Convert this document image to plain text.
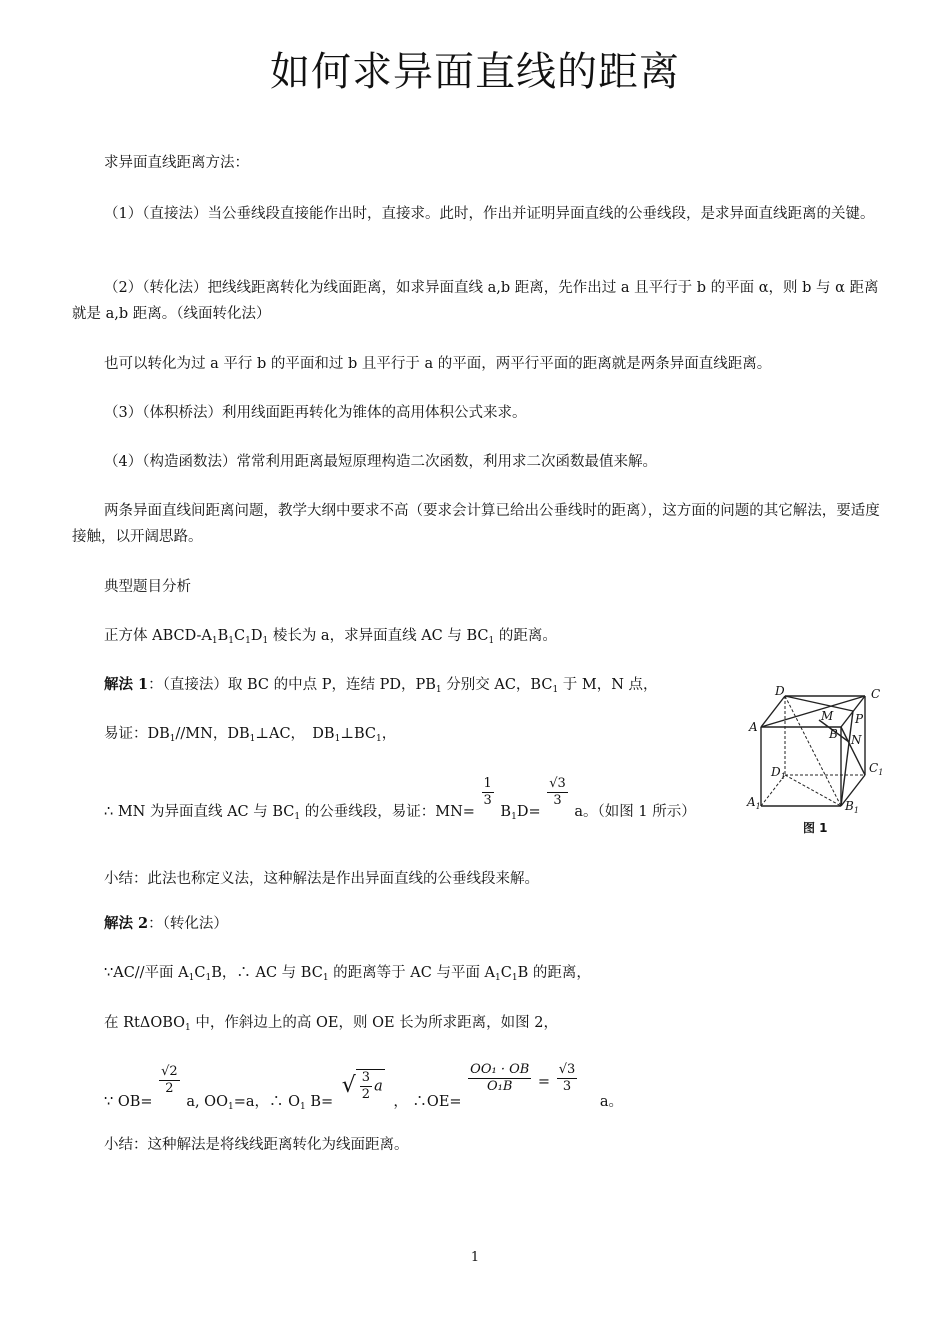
如何求异面直线的距离
求异面直线距离方法：
（1）（直接法）当公垂线段直接能作出时，直接求。此时，作出并证明异面直线的公垂线段，是求异面直线距离的关键。
（2）（转化法）把线线距离转化为线面距离，如求异面直线 a,b 距离，先作出过 a 且平行于 b 的平面 α，则 b 与 α 距离就是 a,b 距离。（线面转化法）
也可以转化为过 a 平行 b 的平面和过 b 且平行于 a 的平面，两平行平面的距离就是两条异面直线距离。
（3）（体积桥法）利用线面距再转化为锥体的高用体积公式来求。
（4）（构造函数法）常常利用距离最短原理构造二次函数，利用求二次函数最值来解。
两条异面直线间距离问题，教学大纲中要求不高（要求会计算已给出公垂线时的距离），这方面的问题的其它解法，要适度接触，以开阔思路。
典型题目分析
正方体 ABCD-$A_1B_1C_1D_1$ 棱长为 a，求异面直线 AC 与 $BC_1$ 的距离。
解法 1：（直接法）取 BC 的中点 P，连结 PD，$PB_1$ 分别交 AC，$BC_1$ 于 M，N 点，
易证：$DB_1//MN$，$DB_1\perp AC$，　$DB_1\perp BC_1$，
∴ MN 为异面直线 AC 与 $BC_1$ 的公垂线段，易证：MN=
$\frac{1}{3}$
$B_1D=$
$\frac{√3}{3}$
a。（如图 1 所示）
小结：此法也称定义法，这种解法是作出异面直线的公垂线段来解。
解法 2：（转化法）
∵AC//平面 $A_1C_1B$，∴ AC 与 $BC_1$ 的距离等于 AC 与平面 $A_1C_1B$ 的距离，
在 RtΔOBO$_1$ 中，作斜边上的高 OE，则 OE 长为所求距离，如图 2，
∵ OB=
$\frac{√2}{2}$
a, $OO_1=a$，∴ $O_1$ B= √ $\frac{3}{2}$ a ， ∴OE=
$\frac{\text{OO₁ · OB}}{\text{O₁B}} = \frac{√3}{3}$
a。
小结：这种解法是将线线距离转化为线面距离。
D	C
A
M P
B N
$D_1$
$C_1$
$A_1$	$B_1$
图 1
1
